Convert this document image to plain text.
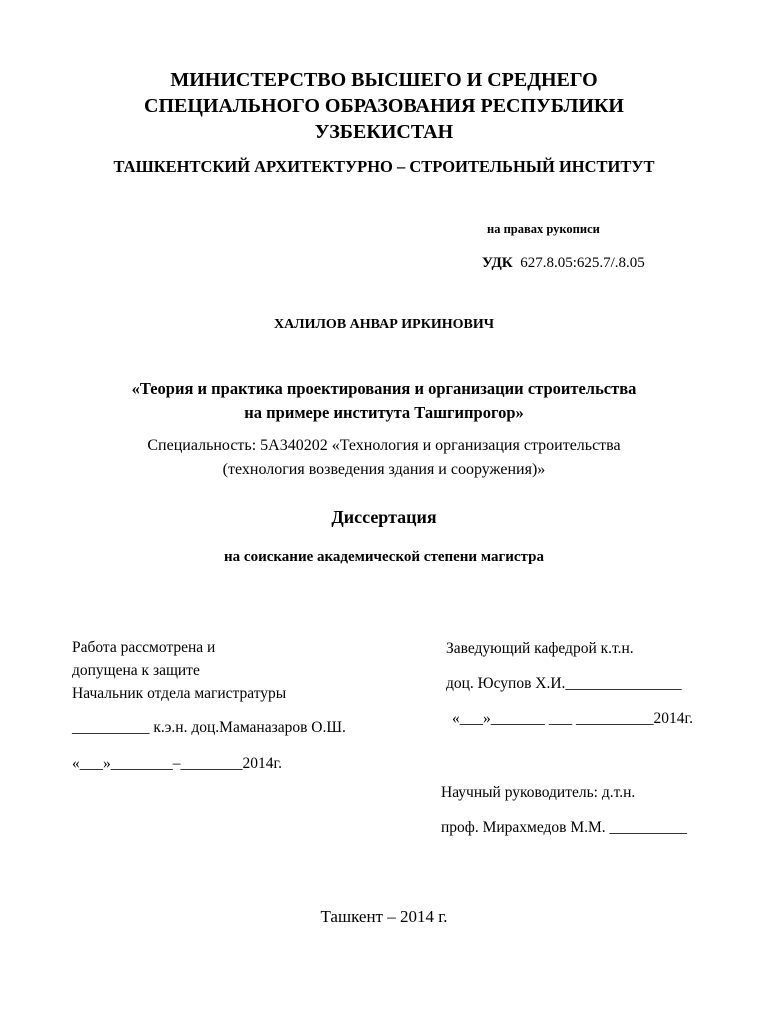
МИНИСТЕРСТВО ВЫСШЕГО И СРЕДНЕГО
СПЕЦИАЛЬНОГО ОБРАЗОВАНИЯ РЕСПУБЛИКИ
УЗБЕКИСТАН
ТАШКЕНТСКИЙ АРХИТЕКТУРНО – СТРОИТЕЛЬНЫЙ ИНСТИТУТ
на правах рукописи
УДК 627.8.05:625.7/.8.05
ХАЛИЛОВ АНВАР ИРКИНОВИЧ
«Теория и практика проектирования и организации строительства
на примере института Ташгипрогор»
Специальность: 5А340202 «Технология и организация строительства
(технология возведения здания и сооружения)»
Диссертация
на соискание академической степени магистра
Работа рассмотрена и
допущена к защите
Начальник отдела магистратуры
__________ к.э.н. доц.Маманазаров О.Ш.
«___»________–________2014г.
Заведующий кафедрой к.т.н.
доц. Юсупов Х.И._______________
«___»_______ ___ __________2014г.
Научный руководитель: д.т.н.
проф. Мирахмедов М.М. __________
Ташкент – 2014 г.
